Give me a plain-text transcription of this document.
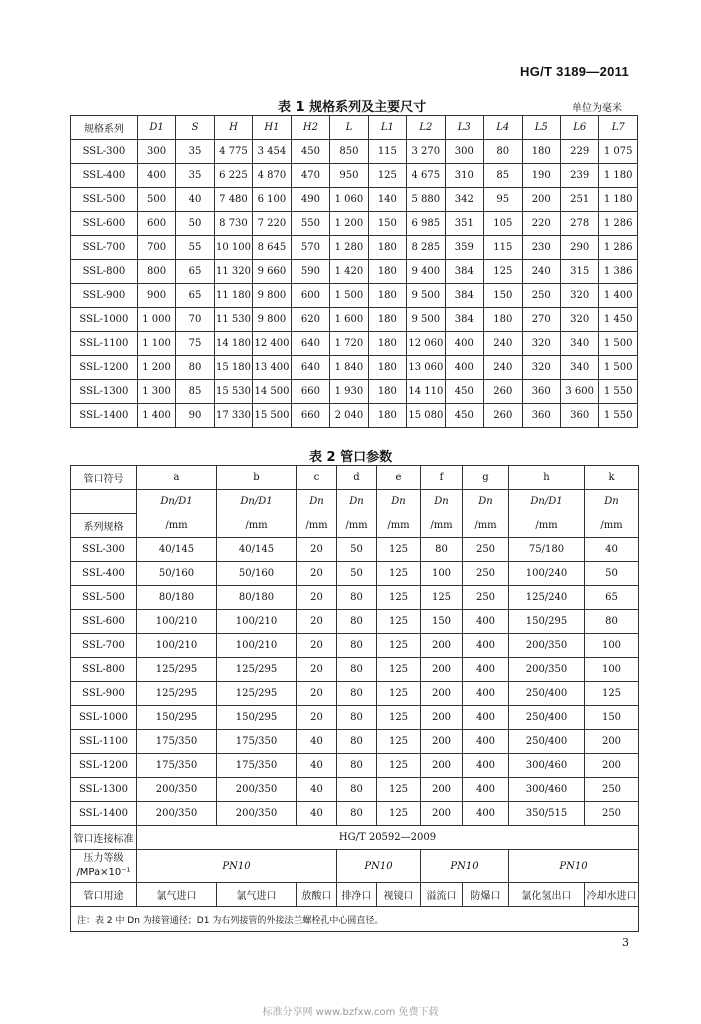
HG/T 3189—2011
表 1 规格系列及主要尺寸	单位为毫米
规格系列	D1	S	H	H1	H2	L	L1	L2	L3	L4	L5	L6	L7
SSL-300	300	35	4 775	3 454	450	850	115	3 270	300	80	180	229	1 075
SSL-400	400	35	6 225	4 870	470	950	125	4 675	310	85	190	239	1 180
SSL-500	500	40	7 480	6 100	490	1 060	140	5 880	342	95	200	251	1 180
SSL-600	600	50	8 730	7 220	550	1 200	150	6 985	351	105	220	278	1 286
SSL-700	700	55	10 100	8 645	570	1 280	180	8 285	359	115	230	290	1 286
SSL-800	800	65	11 320	9 660	590	1 420	180	9 400	384	125	240	315	1 386
SSL-900	900	65	11 180	9 800	600	1 500	180	9 500	384	150	250	320	1 400
SSL-1000	1 000	70	11 530	9 800	620	1 600	180	9 500	384	180	270	320	1 450
SSL-1100	1 100	75	14 180	12 400	640	1 720	180	12 060	400	240	320	340	1 500
SSL-1200	1 200	80	15 180	13 400	640	1 840	180	13 060	400	240	320	340	1 500
SSL-1300	1 300	85	15 530	14 500	660	1 930	180	14 110	450	260	360	3 600	1 550
SSL-1400	1 400	90	17 330	15 500	660	2 040	180	15 080	450	260	360	360	1 550
表 2 管口参数
管口符号	a	b	c	d	e	f	g	h	k
	Dn/D1	Dn/D1	Dn	Dn	Dn	Dn	Dn	Dn/D1	Dn
系列规格	/mm	/mm	/mm	/mm	/mm	/mm	/mm	/mm	/mm
SSL-300	40/145	40/145	20	50	125	80	250	75/180	40
SSL-400	50/160	50/160	20	50	125	100	250	100/240	50
SSL-500	80/180	80/180	20	80	125	125	250	125/240	65
SSL-600	100/210	100/210	20	80	125	150	400	150/295	80
SSL-700	100/210	100/210	20	80	125	200	400	200/350	100
SSL-800	125/295	125/295	20	80	125	200	400	200/350	100
SSL-900	125/295	125/295	20	80	125	200	400	250/400	125
SSL-1000	150/295	150/295	20	80	125	200	400	250/400	150
SSL-1100	175/350	175/350	40	80	125	200	400	250/400	200
SSL-1200	175/350	175/350	40	80	125	200	400	300/460	200
SSL-1300	200/350	200/350	40	80	125	200	400	300/460	250
SSL-1400	200/350	200/350	40	80	125	200	400	350/515	250
管口连接标准	HG/T 20592—2009								
压力等级
/MPa×10⁻¹	PN10			PN10		PN10		PN10	
管口用途	氯气进口	氯气进口	放酸口	排净口	视镜口	溢流口	防爆口	氯化氢出口	冷却水进口
注：表 2 中 Dn 为接管通径；D1 为右列接管的外接法兰螺栓孔中心圆直径。									
3
标准分享网 www.bzfxw.com 免费下载
